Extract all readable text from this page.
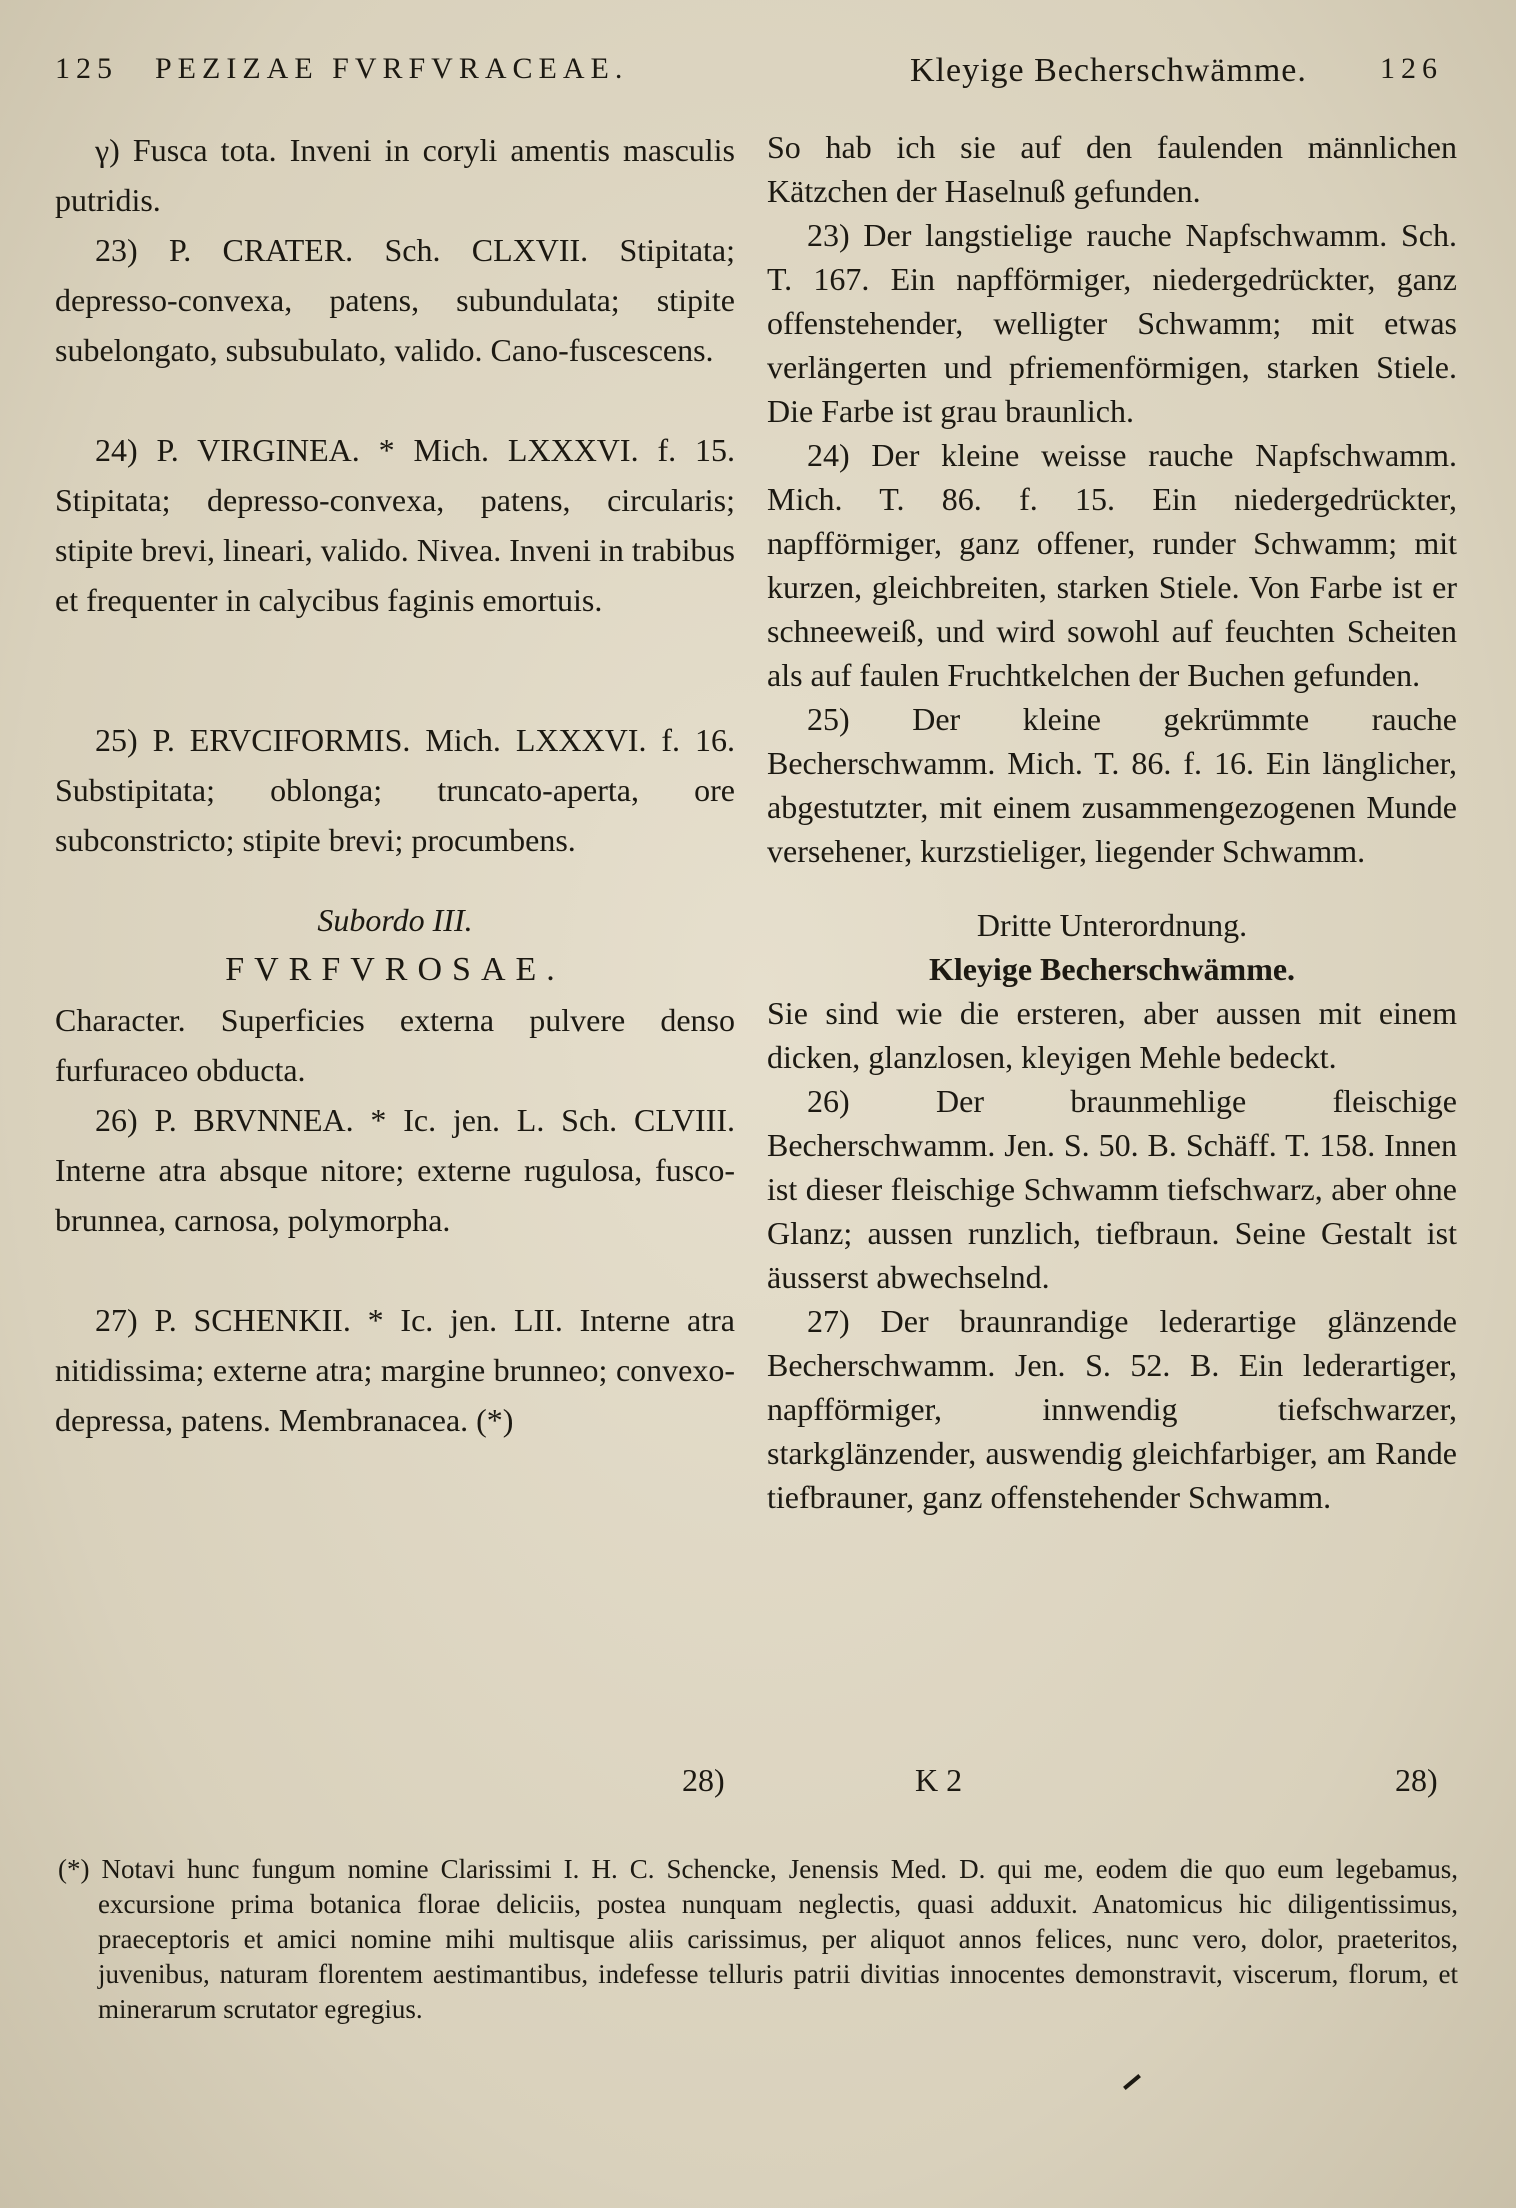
125 PEZIZAE FVRFVRACEAE.	Kleyige Becherschwämme. 126

γ) Fusca tota. Inveni in coryli amentis masculis putridis.

23) P. CRATER. Sch. CLXVII. Stipitata; depresso-convexa, patens, subundulata; stipite subelongato, subsubulato, valido. Cano-fuscescens.

24) P. VIRGINEA. * Mich. LXXXVI. f. 15. Stipitata; depresso-convexa, patens, circularis; stipite brevi, lineari, valido. Nivea. Inveni in trabibus et frequenter in calycibus faginis emortuis.

25) P. ERVCIFORMIS. Mich. LXXXVI. f. 16. Substipitata; oblonga; truncato-aperta, ore subconstricto; stipite brevi; procumbens.

Subordo III.

FVRFVROSAE.

Character. Superficies externa pulvere denso furfuraceo obducta.

26) P. BRVNNEA. * Ic. jen. L. Sch. CLVIII. Interne atra absque nitore; externe rugulosa, fusco-brunnea, carnosa, polymorpha.

27) P. SCHENKII. * Ic. jen. LII. Interne atra nitidissima; externe atra; margine brunneo; convexo-depressa, patens. Membranacea. (*)

So hab ich sie auf den faulenden männlichen Kätzchen der Haselnuß gefunden.

23) Der langstielige rauche Napfschwamm. Sch. T. 167. Ein napfförmiger, niedergedrückter, ganz offenstehender, welligter Schwamm; mit etwas verlängerten und pfriemenförmigen, starken Stiele. Die Farbe ist grau braunlich.

24) Der kleine weisse rauche Napfschwamm. Mich. T. 86. f. 15. Ein niedergedrückter, napfförmiger, ganz offener, runder Schwamm; mit kurzen, gleichbreiten, starken Stiele. Von Farbe ist er schneeweiß, und wird sowohl auf feuchten Scheiten als auf faulen Fruchtkelchen der Buchen gefunden.

25) Der kleine gekrümmte rauche Becherschwamm. Mich. T. 86. f. 16. Ein länglicher, abgestutzter, mit einem zusammengezogenen Munde versehener, kurzstieliger, liegender Schwamm.

Dritte Unterordnung.

Kleyige Becherschwämme.

Sie sind wie die ersteren, aber aussen mit einem dicken, glanzlosen, kleyigen Mehle bedeckt.

26) Der braunmehlige fleischige Becherschwamm. Jen. S. 50. B. Schäff. T. 158. Innen ist dieser fleischige Schwamm tiefschwarz, aber ohne Glanz; aussen runzlich, tiefbraun. Seine Gestalt ist äusserst abwechselnd.

27) Der braunrandige lederartige glänzende Becherschwamm. Jen. S. 52. B. Ein lederartiger, napfförmiger, innwendig tiefschwarzer, starkglänzender, auswendig gleichfarbiger, am Rande tiefbrauner, ganz offenstehender Schwamm.

28)	K 2	28)

(*) Notavi hunc fungum nomine Clarissimi I. H. C. Schencke, Jenensis Med. D. qui me, eodem die quo eum legebamus, excursione prima botanica florae deliciis, postea nunquam neglectis, quasi adduxit. Anatomicus hic diligentissimus, praeceptoris et amici nomine mihi multisque aliis carissimus, per aliquot annos felices, nunc vero, dolor, praeteritos, juvenibus, naturam florentem aestimantibus, indefesse telluris patrii divitias innocentes demonstravit, viscerum, florum, et minerarum scrutator egregius.
